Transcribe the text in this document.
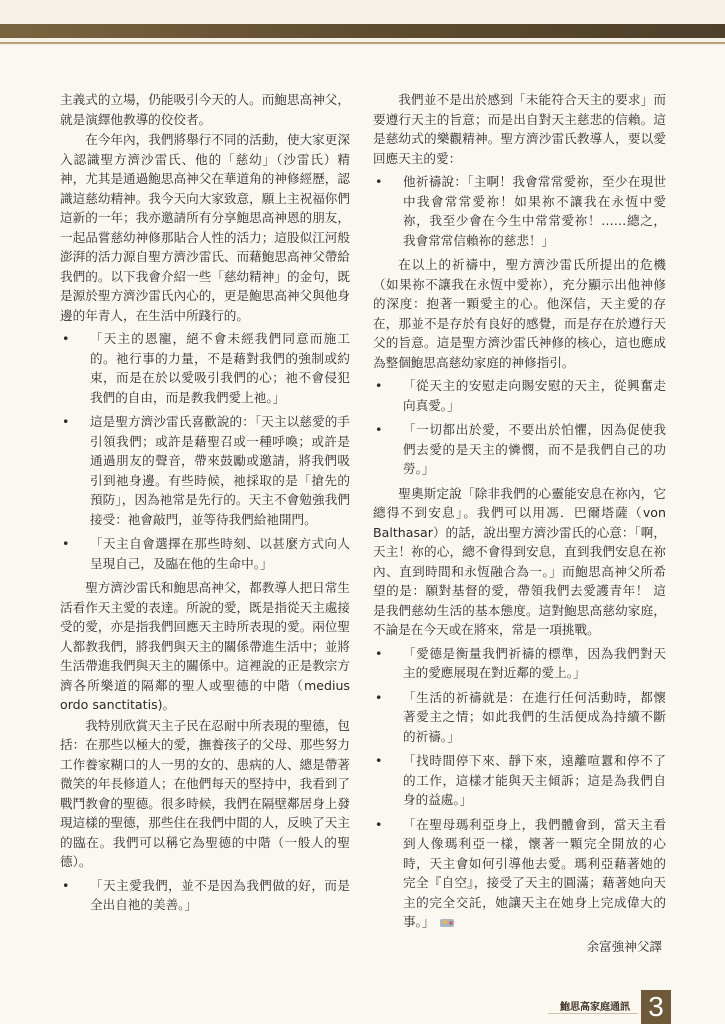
主義式的立場，仍能吸引今天的人。而鮑思高神父，就是演繹他教導的佼佼者。

在今年內，我們將舉行不同的活動，使大家更深入認識聖方濟沙雷氏、他的「慈幼」（沙雷氏）精神，尤其是通過鮑思高神父在華道角的神修經歷，認識這慈幼精神。我今天向大家致意，願上主祝福你們這新的一年；我亦邀請所有分享鮑思高神恩的朋友，一起品嘗慈幼神修那貼合人性的活力；這股似江河般澎湃的活力源自聖方濟沙雷氏、而藉鮑思高神父帶給我們的。以下我會介紹一些「慈幼精神」的金句，既是源於聖方濟沙雷氏內心的，更是鮑思高神父與他身邊的年青人，在生活中所踐行的。

• 「天主的恩寵，絕不會未經我們同意而施工的。祂行事的力量，不是藉對我們的強制或約束，而是在於以愛吸引我們的心；祂不會侵犯我們的自由，而是教我們愛上祂。」
• 這是聖方濟沙雷氏喜歡說的：「天主以慈愛的手引領我們；或許是藉聖召或一種呼喚；或許是通過朋友的聲音，帶來鼓勵或邀請，將我們吸引到祂身邊。有些時候，祂採取的是「搶先的預防」，因為祂常是先行的。天主不會勉強我們接受：祂會敲門，並等待我們給祂開門。
• 「天主自會選擇在那些時刻、以甚麼方式向人呈現自己，及臨在他的生命中。」

聖方濟沙雷氏和鮑思高神父，都教導人把日常生活看作天主愛的表達。所說的愛，既是指從天主處接受的愛，亦是指我們回應天主時所表現的愛。兩位聖人都教我們，將我們與天主的關係帶進生活中；並將生活帶進我們與天主的關係中。這裡說的正是教宗方濟各所樂道的隔鄰的聖人或聖德的中階（medius ordo sanctitatis)。

我特別欣賞天主子民在忍耐中所表現的聖德，包括：在那些以極大的愛，撫養孩子的父母、那些努力工作養家糊口的人一男的女的、患病的人、總是帶著微笑的年長修道人；在他們每天的堅持中，我看到了戰鬥教會的聖德。很多時候，我們在隔壁鄰居身上發現這樣的聖德，那些住在我們中間的人，反映了天主的臨在。我們可以稱它為聖德的中階（一般人的聖德）。

• 「天主愛我們，並不是因為我們做的好，而是全出自祂的美善。」

我們並不是出於感到「未能符合天主的要求」而要遵行天主的旨意；而是出自對天主慈悲的信賴。這是慈幼式的樂觀精神。聖方濟沙雷氏教導人，要以愛回應天主的愛：

• 他祈禱說：「主啊！我會常常愛祢，至少在現世中我會常常愛祢！如果祢不讓我在永恆中愛祢，我至少會在今生中常常愛祢！……總之，我會常常信賴祢的慈悲！」

在以上的祈禱中，聖方濟沙雷氏所提出的危機（如果祢不讓我在永恆中愛祢），充分顯示出他神修的深度：抱著一顆愛主的心。他深信，天主愛的存在，那並不是存於有良好的感覺，而是存在於遵行天父的旨意。這是聖方濟沙雷氏神修的核心，這也應成為整個鮑思高慈幼家庭的神修指引。

• 「從天主的安慰走向賜安慰的天主，從興奮走向真愛。」
• 「一切都出於愛，不要出於怕懼，因為促使我們去愛的是天主的憐憫，而不是我們自己的功勞。」

聖奧斯定說「除非我們的心靈能安息在祢內，它總得不到安息」。我們可以用馮．巴爾塔薩（von Balthasar）的話，說出聖方濟沙雷氏的心意：「啊，天主！祢的心，總不會得到安息，直到我們安息在祢內、直到時間和永恆融合為一。」而鮑思高神父所希望的是：願對基督的愛，帶領我們去愛護青年！ 這是我們慈幼生活的基本態度。這對鮑思高慈幼家庭，不論是在今天或在將來，常是一項挑戰。

• 「愛德是衡量我們祈禱的標準，因為我們對天主的愛應展現在對近鄰的愛上。」
• 「生活的祈禱就是：在進行任何活動時，都懷著愛主之情；如此我們的生活便成為持續不斷的祈禱。」
• 「找時間停下來、靜下來，遠離喧囂和停不了的工作，這樣才能與天主傾訴；這是為我們自身的益處。」
• 「在聖母瑪利亞身上，我們體會到，當天主看到人像瑪利亞一樣，懷著一顆完全開放的心時，天主會如何引導他去愛。瑪利亞藉著她的完全『自空』，接受了天主的圓滿；藉著她向天主的完全交託，她讓天主在她身上完成偉大的事。」
余富強神父譯
鮑思高家庭通訊 3
